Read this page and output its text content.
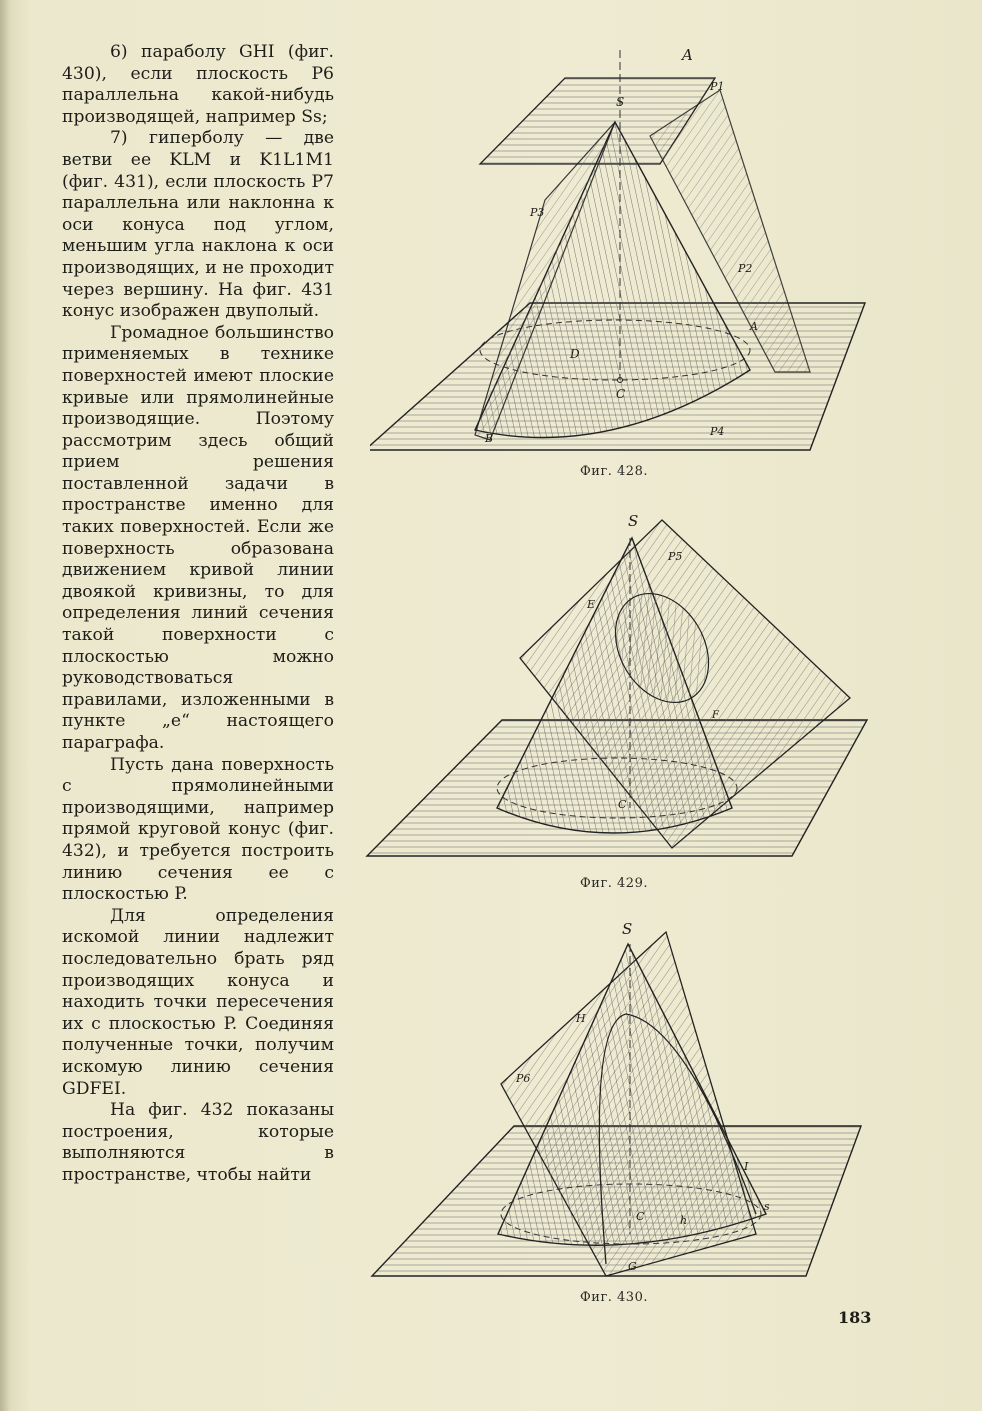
6) параболу GHI (фиг. 430), если плоскость P6 параллельна какой-нибудь производящей, например Ss;

7) гиперболу — две ветви ее KLM и K1L1M1 (фиг. 431), если плоскость P7 параллельна или наклонна к оси конуса под углом, меньшим угла наклона к оси производящих, и не проходит через вершину. На фиг. 431 конус изображен двуполый.

Громадное большинство применяемых в технике поверхностей имеют плоские кривые или прямолинейные производящие. Поэтому рассмотрим здесь общий прием решения поставленной задачи в пространстве именно для таких поверхностей. Если же поверхность образована движением кривой линии двоякой кривизны, то для определения линий сечения такой поверхности с плоскостью можно руководствоваться правилами, изложенными в пункте „е“ настоящего параграфа.

Пусть дана поверхность с прямолинейными производящими, например прямой круговой конус (фиг. 432), и требуется построить линию сечения ее с плоскостью P.

Для определения искомой линии надлежит последовательно брать ряд производящих конуса и находить точки пересечения их с плоскостью P. Соединяя полученные точки, получим искомую линию сечения GDFEI.

На фиг. 432 показаны построения, которые выполняются в пространстве, чтобы найти

A
S
P1
P3
P2
D
A
C
B
P4
Фиг. 428.
S
P5
E
F
C
Фиг. 429.
S
H
P6
I
C	h
s
G
Фиг. 430.
183
